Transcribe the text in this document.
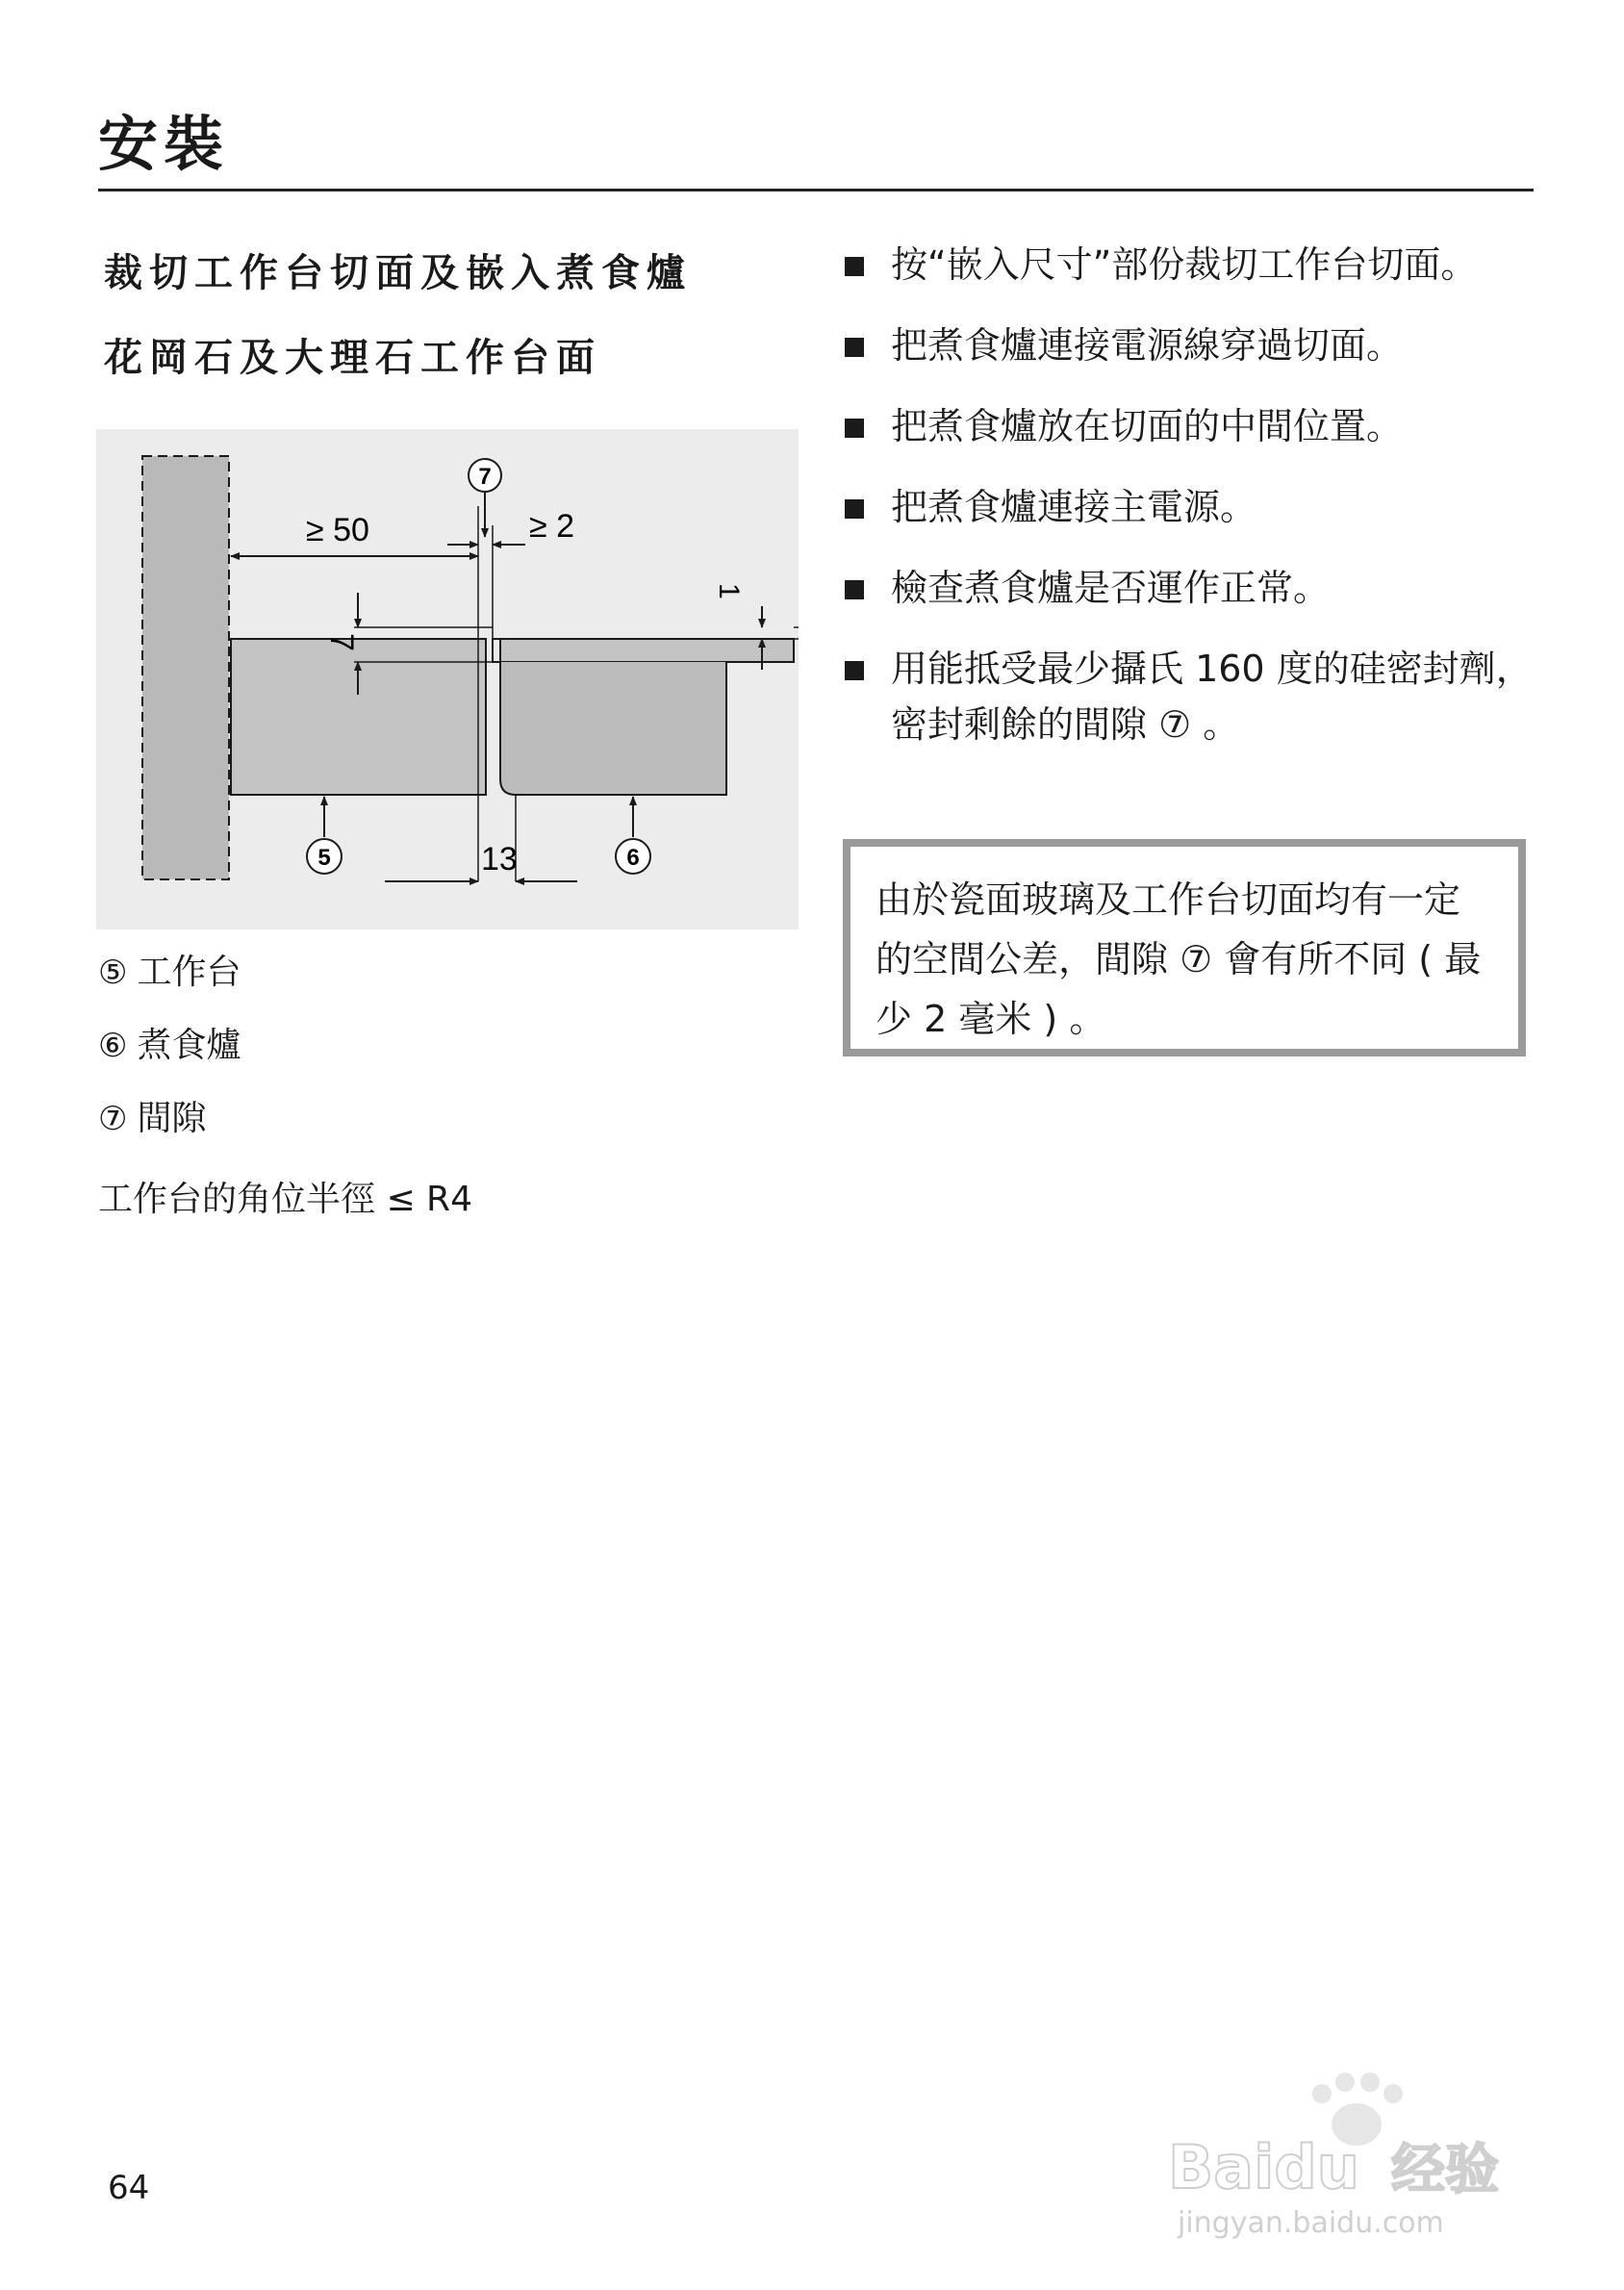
安裝
裁切工作台切面及嵌入煮食爐
花岡石及大理石工作台面
≥ 50	≥ 2
7
7
1
13
5	6
⑤ 工作台
⑥ 煮食爐
⑦ 間隙
工作台的角位半徑 ≤ R4
按“嵌入尺寸”部份裁切工作台切面。
把煮食爐連接電源線穿過切面。
把煮食爐放在切面的中間位置。
把煮食爐連接主電源。
檢查煮食爐是否運作正常。
用能抵受最少攝氏 160 度的硅密封劑，密封剩餘的間隙 ⑦ 。
由於瓷面玻璃及工作台切面均有一定的空間公差，間隙 ⑦ 會有所不同 ( 最少 2 毫米 ) 。
64	Baidu 经验
jingyan.baidu.com
